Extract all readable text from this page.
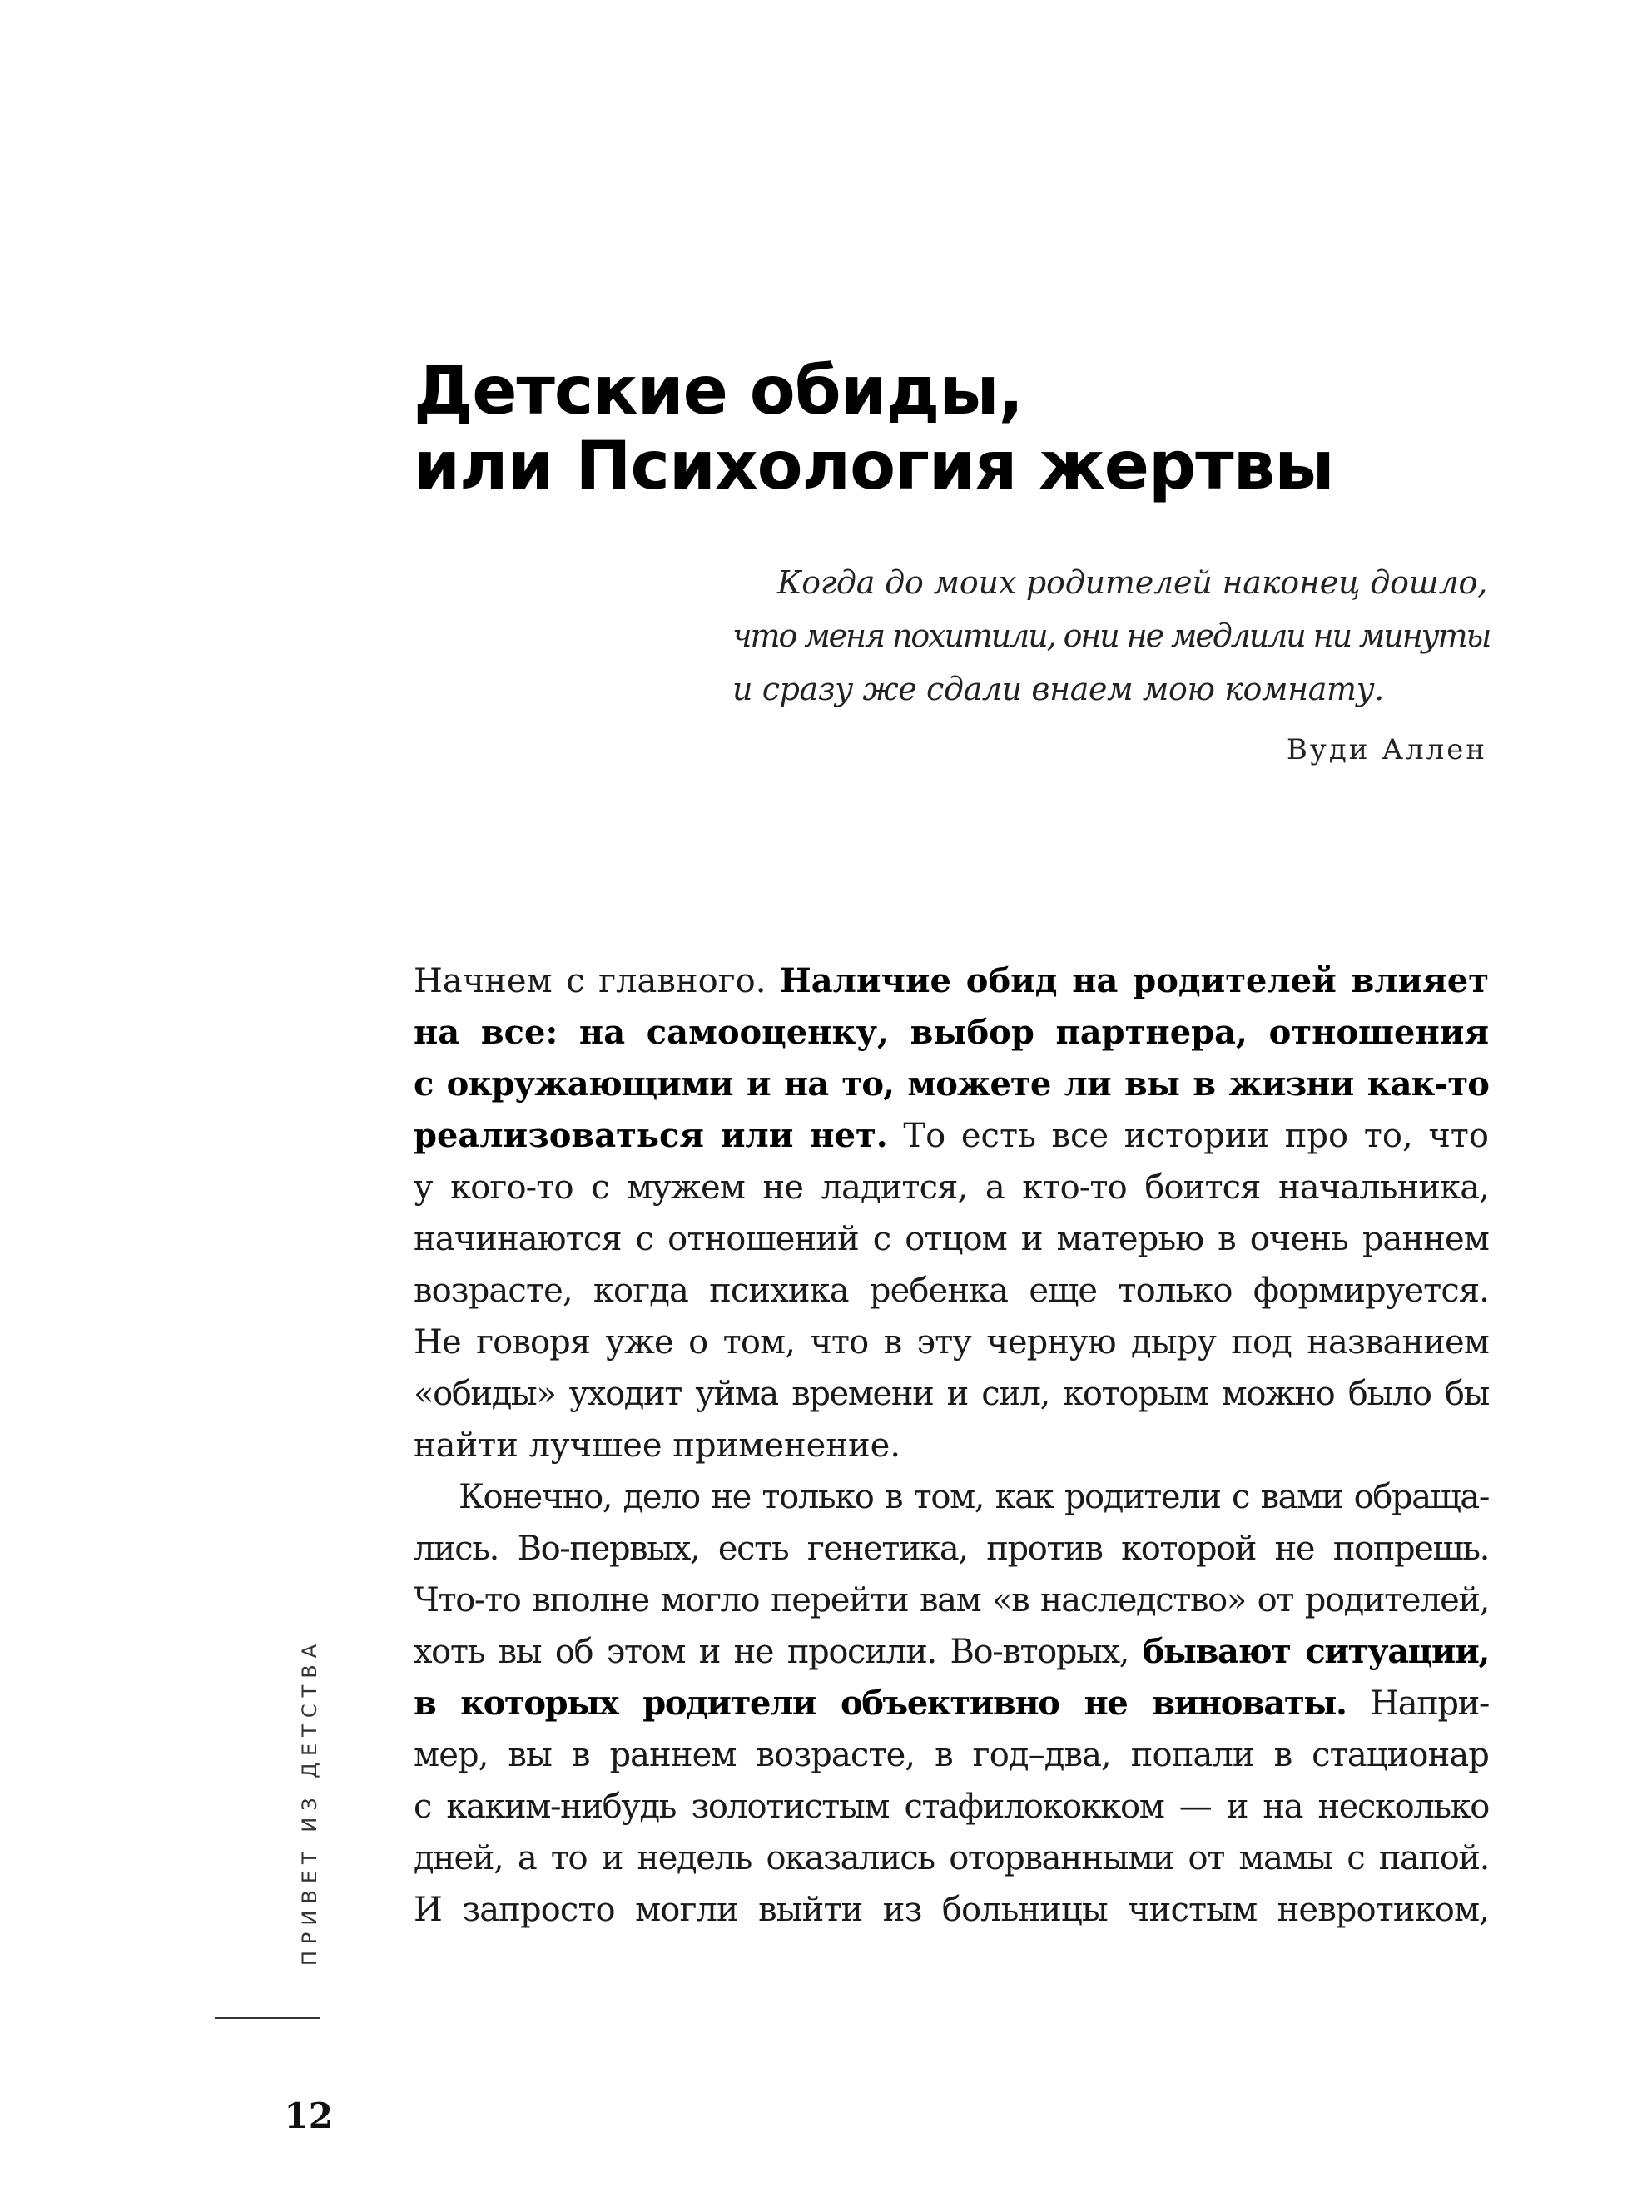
Детские обиды,
или Психология жертвы
Когда до моих родителей наконец дошло,
что меня похитили, они не медлили ни минуты
и сразу же сдали внаем мою комнату.
Вуди Аллен
Начнем с главного. Наличие обид на родителей влияет
на все: на самооценку, выбор партнера, отношения
с окружающими и на то, можете ли вы в жизни как-то
реализоваться или нет. То есть все истории про то, что
у кого-то с мужем не ладится, а кто-то боится начальника,
начинаются с отношений с отцом и матерью в очень раннем
возрасте, когда психика ребенка еще только формируется.
Не говоря уже о том, что в эту черную дыру под названием
«обиды» уходит уйма времени и сил, которым можно было бы
найти лучшее применение.
Конечно, дело не только в том, как родители с вами обраща-
лись. Во-первых, есть генетика, против которой не попрешь.
Что-то вполне могло перейти вам «в наследство» от родителей,
хоть вы об этом и не просили. Во-вторых, бывают ситуации,
в которых родители объективно не виноваты. Напри-
мер, вы в раннем возрасте, в год–два, попали в стационар
с каким-нибудь золотистым стафилококком — и на несколько
дней, а то и недель оказались оторванными от мамы с папой.
И запросто могли выйти из больницы чистым невротиком,
ПРИВЕТ ИЗ ДЕТСТВА
12
